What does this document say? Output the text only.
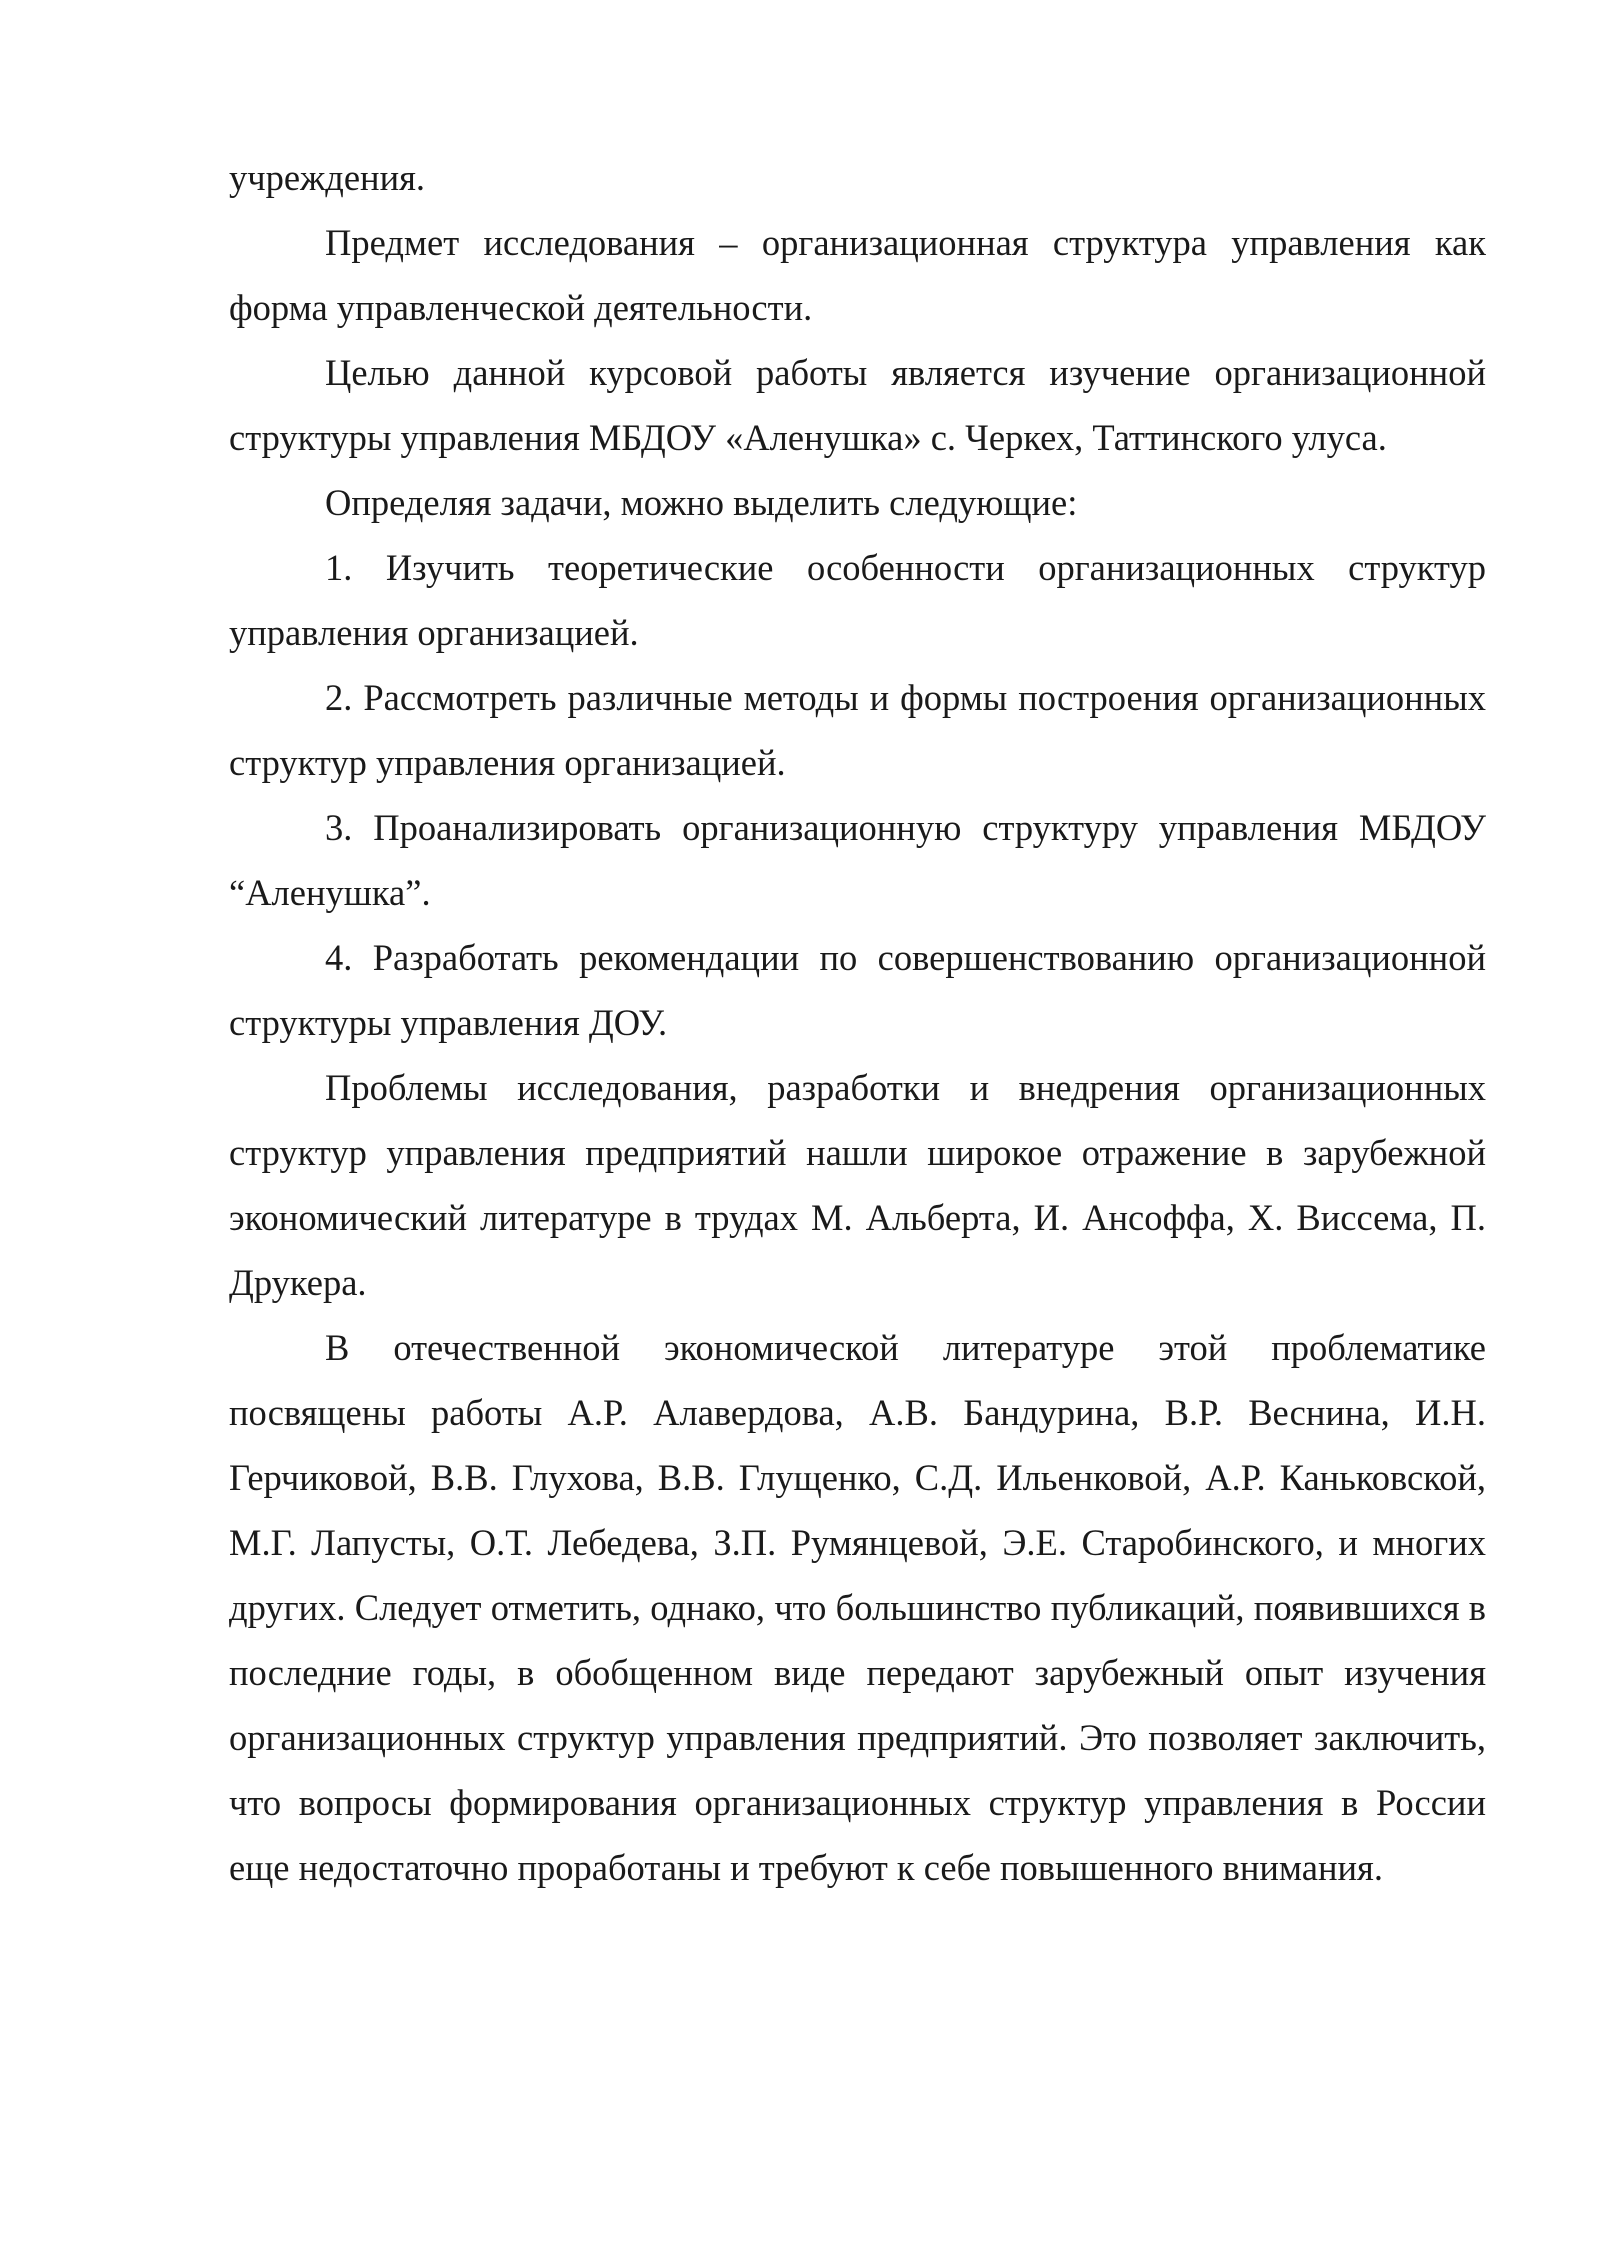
учреждения.

Предмет исследования – организационная структура управления как форма управленческой деятельности.

Целью данной курсовой работы является изучение организационной структуры управления МБДОУ «Аленушка» с. Черкех, Таттинского улуса.

Определяя задачи, можно выделить следующие:

1. Изучить теоретические особенности организационных структур управления организацией.

2. Рассмотреть различные методы и формы построения организационных структур управления организацией.

3. Проанализировать организационную структуру управления МБДОУ “Аленушка”.

4. Разработать рекомендации по совершенствованию организационной структуры управления ДОУ.

Проблемы исследования, разработки и внедрения организационных структур управления предприятий нашли широкое отражение в зарубежной экономический литературе в трудах М. Альберта, И. Ансоффа, Х. Виссема, П. Друкера.

В отечественной экономической литературе этой проблематике посвящены работы А.Р. Алавердова, А.В. Бандурина, В.Р. Веснина, И.Н. Герчиковой, В.В. Глухова, В.В. Глущенко, С.Д. Ильенковой, А.Р. Каньковской, М.Г. Лапусты, О.Т. Лебедева, З.П. Румянцевой, Э.Е. Старобинского, и многих других. Следует отметить, однако, что большинство публикаций, появившихся в последние годы, в обобщенном виде передают зарубежный опыт изучения организационных структур управления предприятий. Это позволяет заключить, что вопросы формирования организационных структур управления в России еще недостаточно проработаны и требуют к себе повышенного внимания.
